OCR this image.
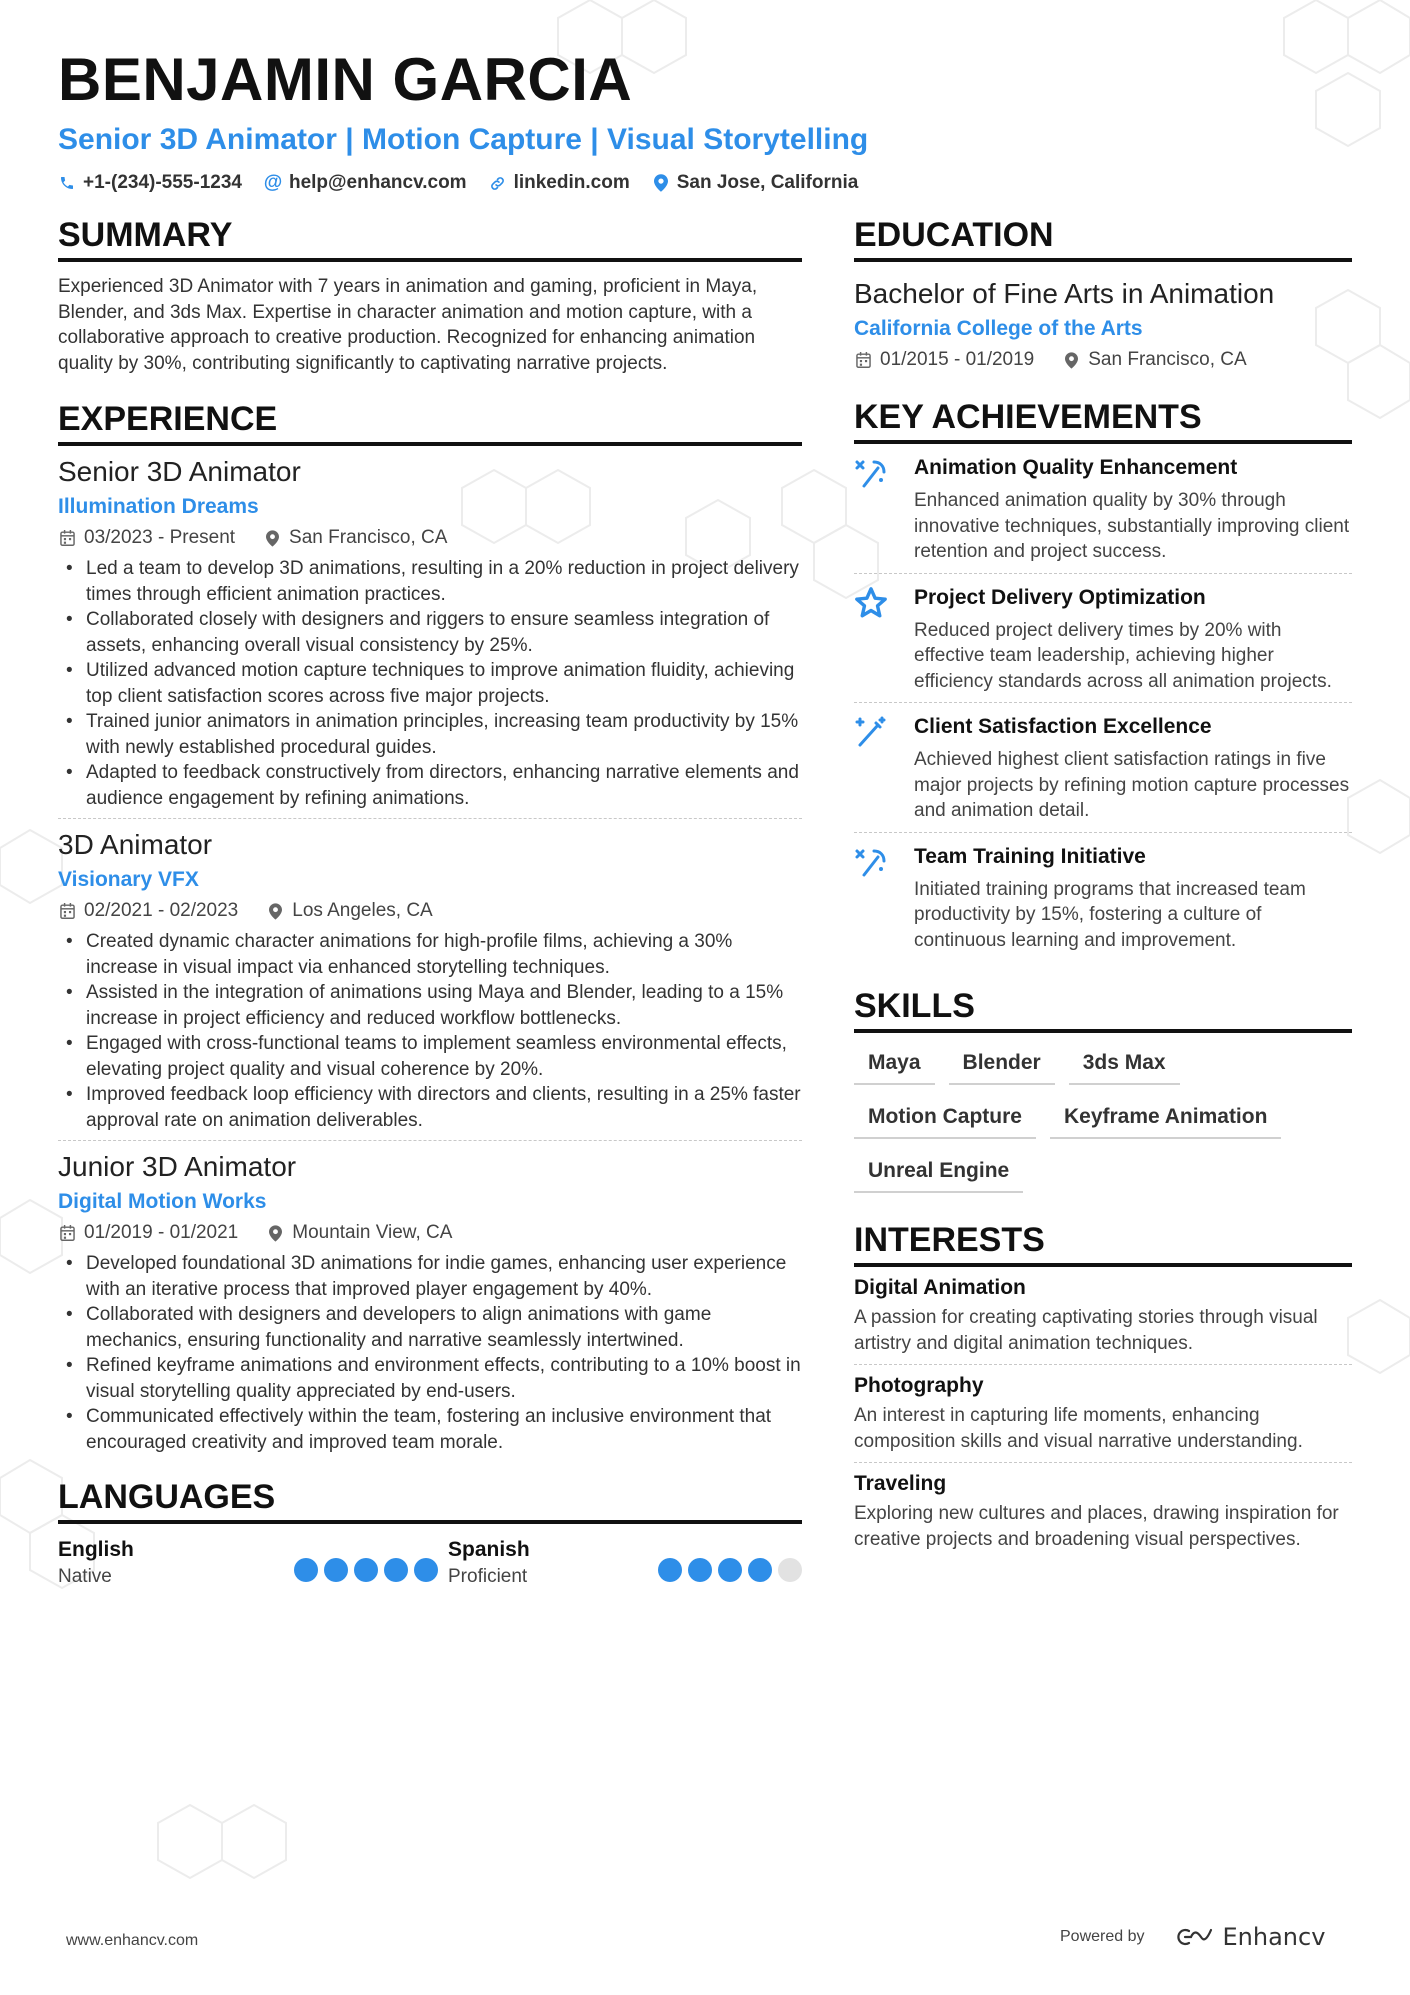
BENJAMIN GARCIA
Senior 3D Animator | Motion Capture | Visual Storytelling
+1-(234)-555-1234 @ help@enhancv.com linkedin.com San Jose, California
SUMMARY

Experienced 3D Animator with 7 years in animation and gaming, proficient in Maya, Blender, and 3ds Max. Expertise in character animation and motion capture, with a collaborative approach to creative production. Recognized for enhancing animation quality by 30%, contributing significantly to captivating narrative projects.

EXPERIENCE
Senior 3D Animator
Illumination Dreams
03/2023 - Present	San Francisco, CA
• Led a team to develop 3D animations, resulting in a 20% reduction in project delivery times through efficient animation practices.
• Collaborated closely with designers and riggers to ensure seamless integration of assets, enhancing overall visual consistency by 25%.
• Utilized advanced motion capture techniques to improve animation fluidity, achieving top client satisfaction scores across five major projects.
• Trained junior animators in animation principles, increasing team productivity by 15% with newly established procedural guides.
• Adapted to feedback constructively from directors, enhancing narrative elements and audience engagement by refining animations.
3D Animator
Visionary VFX
02/2021 - 02/2023	Los Angeles, CA
• Created dynamic character animations for high-profile films, achieving a 30% increase in visual impact via enhanced storytelling techniques.
• Assisted in the integration of animations using Maya and Blender, leading to a 15% increase in project efficiency and reduced workflow bottlenecks.
• Engaged with cross-functional teams to implement seamless environmental effects, elevating project quality and visual coherence by 20%.
• Improved feedback loop efficiency with directors and clients, resulting in a 25% faster approval rate on animation deliverables.
Junior 3D Animator
Digital Motion Works
01/2019 - 01/2021	Mountain View, CA
• Developed foundational 3D animations for indie games, enhancing user experience with an iterative process that improved player engagement by 40%.
• Collaborated with designers and developers to align animations with game mechanics, ensuring functionality and narrative seamlessly intertwined.
• Refined keyframe animations and environment effects, contributing to a 10% boost in visual storytelling quality appreciated by end-users.
• Communicated effectively within the team, fostering an inclusive environment that encouraged creativity and improved team morale.
LANGUAGES
English
Native
Spanish
Proficient
EDUCATION
Bachelor of Fine Arts in Animation
California College of the Arts
01/2015 - 01/2019	San Francisco, CA
KEY ACHIEVEMENTS
Animation Quality Enhancement
Enhanced animation quality by 30% through innovative techniques, substantially improving client retention and project success.
Project Delivery Optimization
Reduced project delivery times by 20% with effective team leadership, achieving higher efficiency standards across all animation projects.
Client Satisfaction Excellence
Achieved highest client satisfaction ratings in five major projects by refining motion capture processes and animation detail.
Team Training Initiative
Initiated training programs that increased team productivity by 15%, fostering a culture of continuous learning and improvement.
SKILLS
Maya	Blender	3ds Max
Motion Capture	Keyframe Animation
Unreal Engine
INTERESTS
Digital Animation
A passion for creating captivating stories through visual artistry and digital animation techniques.
Photography
An interest in capturing life moments, enhancing composition skills and visual narrative understanding.
Traveling
Exploring new cultures and places, drawing inspiration for creative projects and broadening visual perspectives.
www.enhancv.com	Powered by	Enhancv
